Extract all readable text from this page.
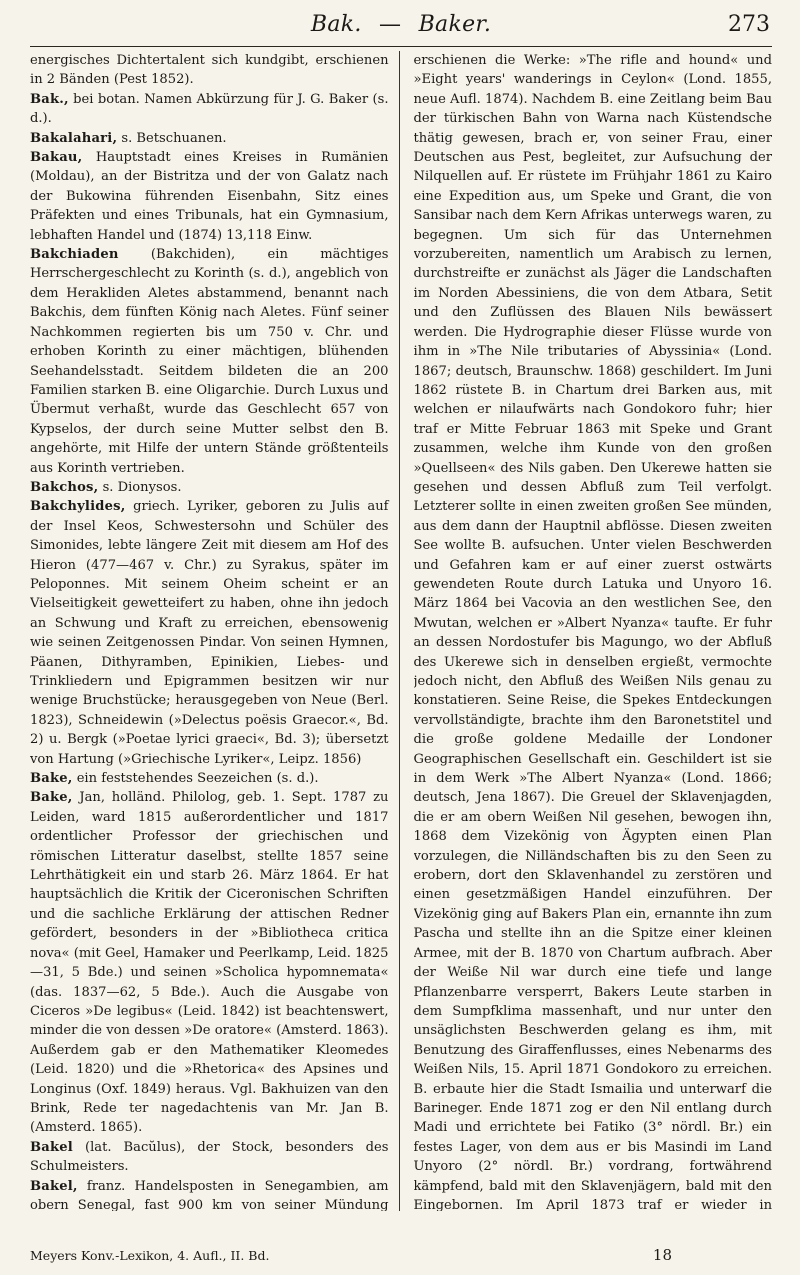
Bak. — Baker.	273

energisches Dichtertalent sich kundgibt, erschienen in 2 Bänden (Pest 1852).

Bak., bei botan. Namen Abkürzung für J. G. Baker (s. d.).

Bakalahari, s. Betschuanen.

Bakau, Hauptstadt eines Kreises in Rumänien (Moldau), an der Bistritza und der von Galatz nach der Bukowina führenden Eisenbahn, Sitz eines Präfekten und eines Tribunals, hat ein Gymnasium, lebhaften Handel und (1874) 13,118 Einw.

Bakchiaden (Bakchiden), ein mächtiges Herrschergeschlecht zu Korinth (s. d.), angeblich von dem Herakliden Aletes abstammend, benannt nach Bakchis, dem fünften König nach Aletes. Fünf seiner Nachkommen regierten bis um 750 v. Chr. und erhoben Korinth zu einer mächtigen, blühenden Seehandelsstadt. Seitdem bildeten die an 200 Familien starken B. eine Oligarchie. Durch Luxus und Übermut verhaßt, wurde das Geschlecht 657 von Kypselos, der durch seine Mutter selbst den B. angehörte, mit Hilfe der untern Stände größtenteils aus Korinth vertrieben.

Bakchos, s. Dionysos.

Bakchylides, griech. Lyriker, geboren zu Julis auf der Insel Keos, Schwestersohn und Schüler des Simonides, lebte längere Zeit mit diesem am Hof des Hieron (477—467 v. Chr.) zu Syrakus, später im Peloponnes. Mit seinem Oheim scheint er an Vielseitigkeit gewetteifert zu haben, ohne ihn jedoch an Schwung und Kraft zu erreichen, ebensowenig wie seinen Zeitgenossen Pindar. Von seinen Hymnen, Päanen, Dithyramben, Epinikien, Liebes- und Trinkliedern und Epigrammen besitzen wir nur wenige Bruchstücke; herausgegeben von Neue (Berl. 1823), Schneidewin (»Delectus poësis Graecor.«, Bd. 2) u. Bergk (»Poetae lyrici graeci«, Bd. 3); übersetzt von Hartung (»Griechische Lyriker«, Leipz. 1856)

Bake, ein feststehendes Seezeichen (s. d.).

Bake, Jan, holländ. Philolog, geb. 1. Sept. 1787 zu Leiden, ward 1815 außerordentlicher und 1817 ordentlicher Professor der griechischen und römischen Litteratur daselbst, stellte 1857 seine Lehrthätigkeit ein und starb 26. März 1864. Er hat hauptsächlich die Kritik der Ciceronischen Schriften und die sachliche Erklärung der attischen Redner gefördert, besonders in der »Bibliotheca critica nova« (mit Geel, Hamaker und Peerlkamp, Leid. 1825—31, 5 Bde.) und seinen »Scholica hypomnemata« (das. 1837—62, 5 Bde.). Auch die Ausgabe von Ciceros »De legibus« (Leid. 1842) ist beachtenswert, minder die von dessen »De oratore« (Amsterd. 1863). Außerdem gab er den Mathematiker Kleomedes (Leid. 1820) und die »Rhetorica« des Apsines und Longinus (Oxf. 1849) heraus. Vgl. Bakhuizen van den Brink, Rede ter nagedachtenis van Mr. Jan B. (Amsterd. 1865).

Bakel (lat. Bacŭlus), der Stock, besonders des Schulmeisters.

Bakel, franz. Handelsposten in Senegambien, am obern Senegal, fast 900 km von seiner Mündung

erschienen die Werke: »The rifle and hound« und »Eight years' wanderings in Ceylon« (Lond. 1855, neue Aufl. 1874). Nachdem B. eine Zeitlang beim Bau der türkischen Bahn von Warna nach Küstendsche thätig gewesen, brach er, von seiner Frau, einer Deutschen aus Pest, begleitet, zur Aufsuchung der Nilquellen auf. Er rüstete im Frühjahr 1861 zu Kairo eine Expedition aus, um Speke und Grant, die von Sansibar nach dem Kern Afrikas unterwegs waren, zu begegnen. Um sich für das Unternehmen vorzubereiten, namentlich um Arabisch zu lernen, durchstreifte er zunächst als Jäger die Landschaften im Norden Abessiniens, die von dem Atbara, Setit und den Zuflüssen des Blauen Nils bewässert werden. Die Hydrographie dieser Flüsse wurde von ihm in »The Nile tributaries of Abyssinia« (Lond. 1867; deutsch, Braunschw. 1868) geschildert. Im Juni 1862 rüstete B. in Chartum drei Barken aus, mit welchen er nilaufwärts nach Gondokoro fuhr; hier traf er Mitte Februar 1863 mit Speke und Grant zusammen, welche ihm Kunde von den großen »Quellseen« des Nils gaben. Den Ukerewe hatten sie gesehen und dessen Abfluß zum Teil verfolgt. Letzterer sollte in einen zweiten großen See münden, aus dem dann der Hauptnil abflösse. Diesen zweiten See wollte B. aufsuchen. Unter vielen Beschwerden und Gefahren kam er auf einer zuerst ostwärts gewendeten Route durch Latuka und Unyoro 16. März 1864 bei Vacovia an den westlichen See, den Mwutan, welchen er »Albert Nyanza« taufte. Er fuhr an dessen Nordostufer bis Magungo, wo der Abfluß des Ukerewe sich in denselben ergießt, vermochte jedoch nicht, den Abfluß des Weißen Nils genau zu konstatieren. Seine Reise, die Spekes Entdeckungen vervollständigte, brachte ihm den Baronetstitel und die große goldene Medaille der Londoner Geographischen Gesellschaft ein. Geschildert ist sie in dem Werk »The Albert Nyanza« (Lond. 1866; deutsch, Jena 1867). Die Greuel der Sklavenjagden, die er am obern Weißen Nil gesehen, bewogen ihn, 1868 dem Vizekönig von Ägypten einen Plan vorzulegen, die Nilländschaften bis zu den Seen zu erobern, dort den Sklavenhandel zu zerstören und einen gesetzmäßigen Handel einzuführen. Der Vizekönig ging auf Bakers Plan ein, ernannte ihn zum Pascha und stellte ihn an die Spitze einer kleinen Armee, mit der B. 1870 von Chartum aufbrach. Aber der Weiße Nil war durch eine tiefe und lange Pflanzenbarre versperrt, Bakers Leute starben in dem Sumpfklima massenhaft, und nur unter den unsäglichsten Beschwerden gelang es ihm, mit Benutzung des Giraffenflusses, eines Nebenarms des Weißen Nils, 15. April 1871 Gondokoro zu erreichen. B. erbaute hier die Stadt Ismailia und unterwarf die Barineger. Ende 1871 zog er den Nil entlang durch Madi und errichtete bei Fatiko (3° nördl. Br.) ein festes Lager, von dem aus er bis Masindi im Land Unyoro (2° nördl. Br.) vordrang, fortwährend kämpfend, bald mit den Sklavenjägern, bald mit den Eingebornen. Im April 1873 traf er wieder in

Meyers Konv.-Lexikon, 4. Aufl., II. Bd.	18
